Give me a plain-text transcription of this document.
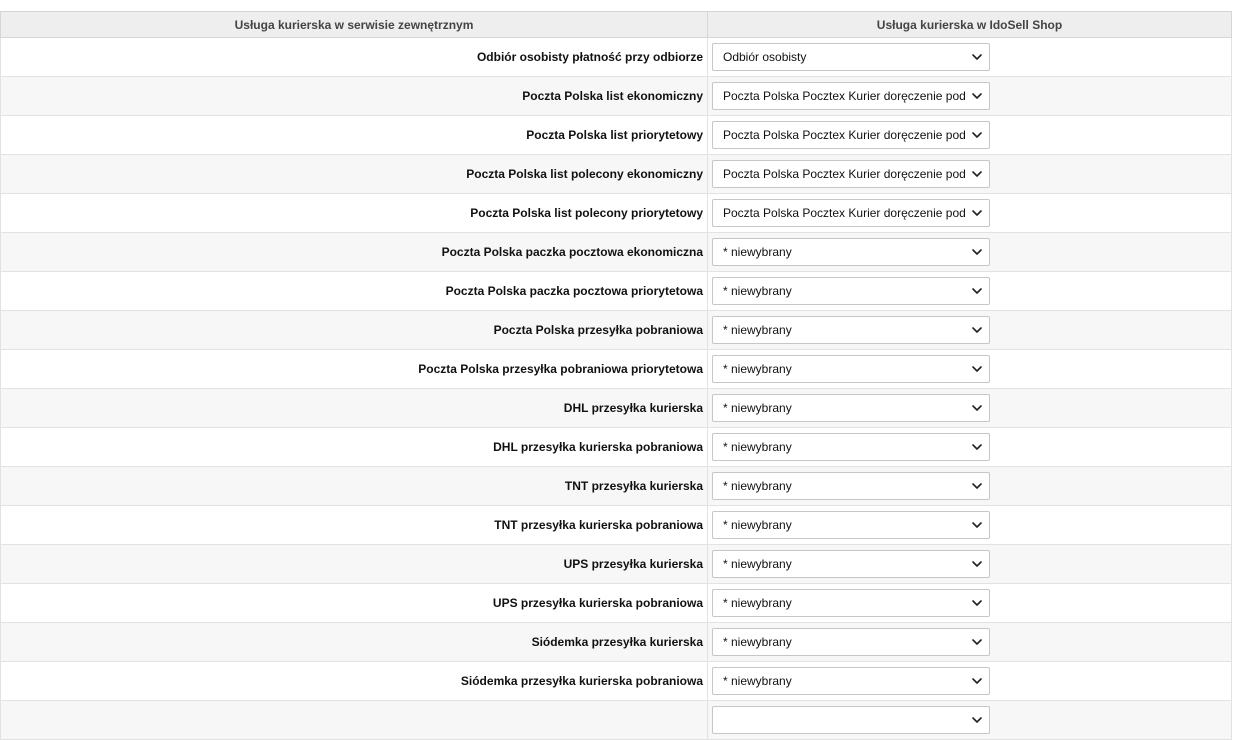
Usługa kurierska w serwisie zewnętrznym	Usługa kurierska w IdoSell Shop
Odbiór osobisty płatność przy odbiorze	Odbiór osobisty

Poczta Polska list ekonomiczny	Poczta Polska Pocztex Kurier doręczenie pod

Poczta Polska list priorytetowy	Poczta Polska Pocztex Kurier doręczenie pod

Poczta Polska list polecony ekonomiczny	Poczta Polska Pocztex Kurier doręczenie pod

Poczta Polska list polecony priorytetowy	Poczta Polska Pocztex Kurier doręczenie pod

Poczta Polska paczka pocztowa ekonomiczna	* niewybrany

Poczta Polska paczka pocztowa priorytetowa	* niewybrany

Poczta Polska przesyłka pobraniowa	* niewybrany

Poczta Polska przesyłka pobraniowa priorytetowa	* niewybrany

DHL przesyłka kurierska	* niewybrany

DHL przesyłka kurierska pobraniowa	* niewybrany

TNT przesyłka kurierska	* niewybrany

TNT przesyłka kurierska pobraniowa	* niewybrany

UPS przesyłka kurierska	* niewybrany

UPS przesyłka kurierska pobraniowa	* niewybrany

Siódemka przesyłka kurierska	* niewybrany

Siódemka przesyłka kurierska pobraniowa	* niewybrany
